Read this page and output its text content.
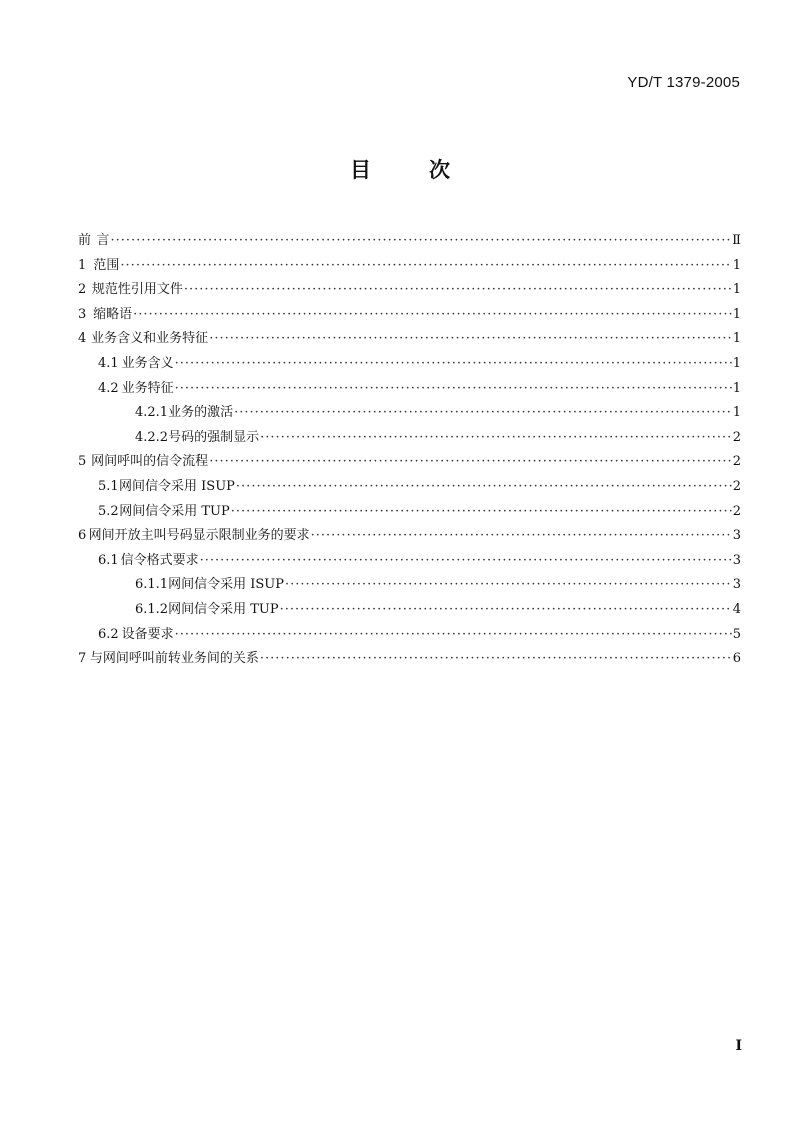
YD/T 1379-2005
目	次
前 言 ·····	Ⅱ
1 范围 ·····	1
2 规范性引用文件 ·····	1
3 缩略语 ·····	1
4 业务含义和业务特征 ·····	1
4.1 业务含义 ·····	1
4.2 业务特征 ·····	1
4.2.1 业务的激活 ·····	1
4.2.2 号码的强制显示 ·····	2
5 网间呼叫的信令流程 ·····	2
5.1 网间信令采用 ISUP ·····	2
5.2 网间信令采用 TUP ·····	2
6 网间开放主叫号码显示限制业务的要求 ·····	3
6.1 信令格式要求 ·····	3
6.1.1 网间信令采用 ISUP ·····	3
6.1.2 网间信令采用 TUP ·····	4
6.2 设备要求 ·····	5
7 与网间呼叫前转业务间的关系 ·····	6
I
